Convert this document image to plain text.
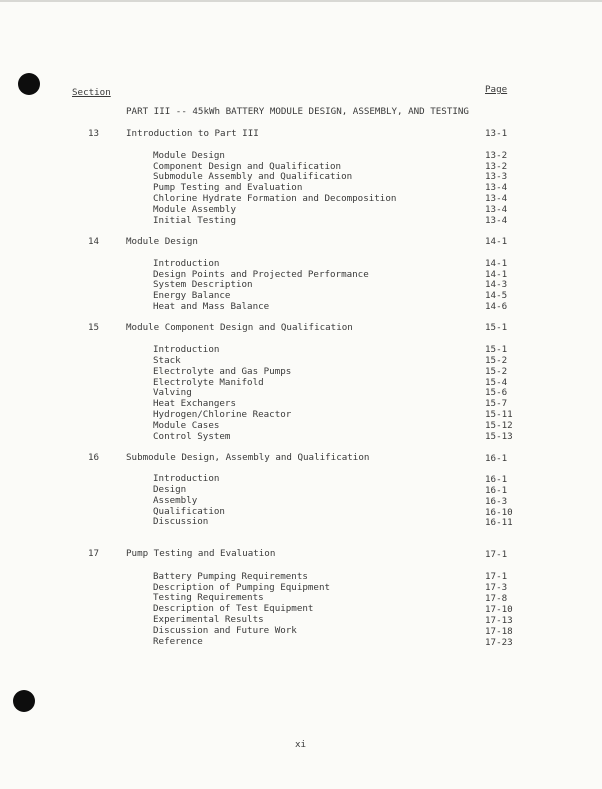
Section	Page
PART III -- 45kWh BATTERY MODULE DESIGN, ASSEMBLY, AND TESTING
13	Introduction to Part III	13-1
Module Design	13-2
Component Design and Qualification	13-2
Submodule Assembly and Qualification	13-3
Pump Testing and Evaluation	13-4
Chlorine Hydrate Formation and Decomposition	13-4
Module Assembly	13-4
Initial Testing	13-4
14	Module Design	14-1
Introduction	14-1
Design Points and Projected Performance	14-1
System Description	14-3
Energy Balance	14-5
Heat and Mass Balance	14-6
15	Module Component Design and Qualification	15-1
Introduction	15-1
Stack	15-2
Electrolyte and Gas Pumps	15-2
Electrolyte Manifold	15-4
Valving	15-6
Heat Exchangers	15-7
Hydrogen/Chlorine Reactor	15-11
Module Cases	15-12
Control System	15-13
16	Submodule Design, Assembly and Qualification	16-1
Introduction	16-1
Design	16-1
Assembly	16-3
Qualification	16-10
Discussion	16-11
17	Pump Testing and Evaluation	17-1
Battery Pumping Requirements	17-1
Description of Pumping Equipment	17-3
Testing Requirements	17-8
Description of Test Equipment	17-10
Experimental Results	17-13
Discussion and Future Work	17-18
Reference	17-23
xi
